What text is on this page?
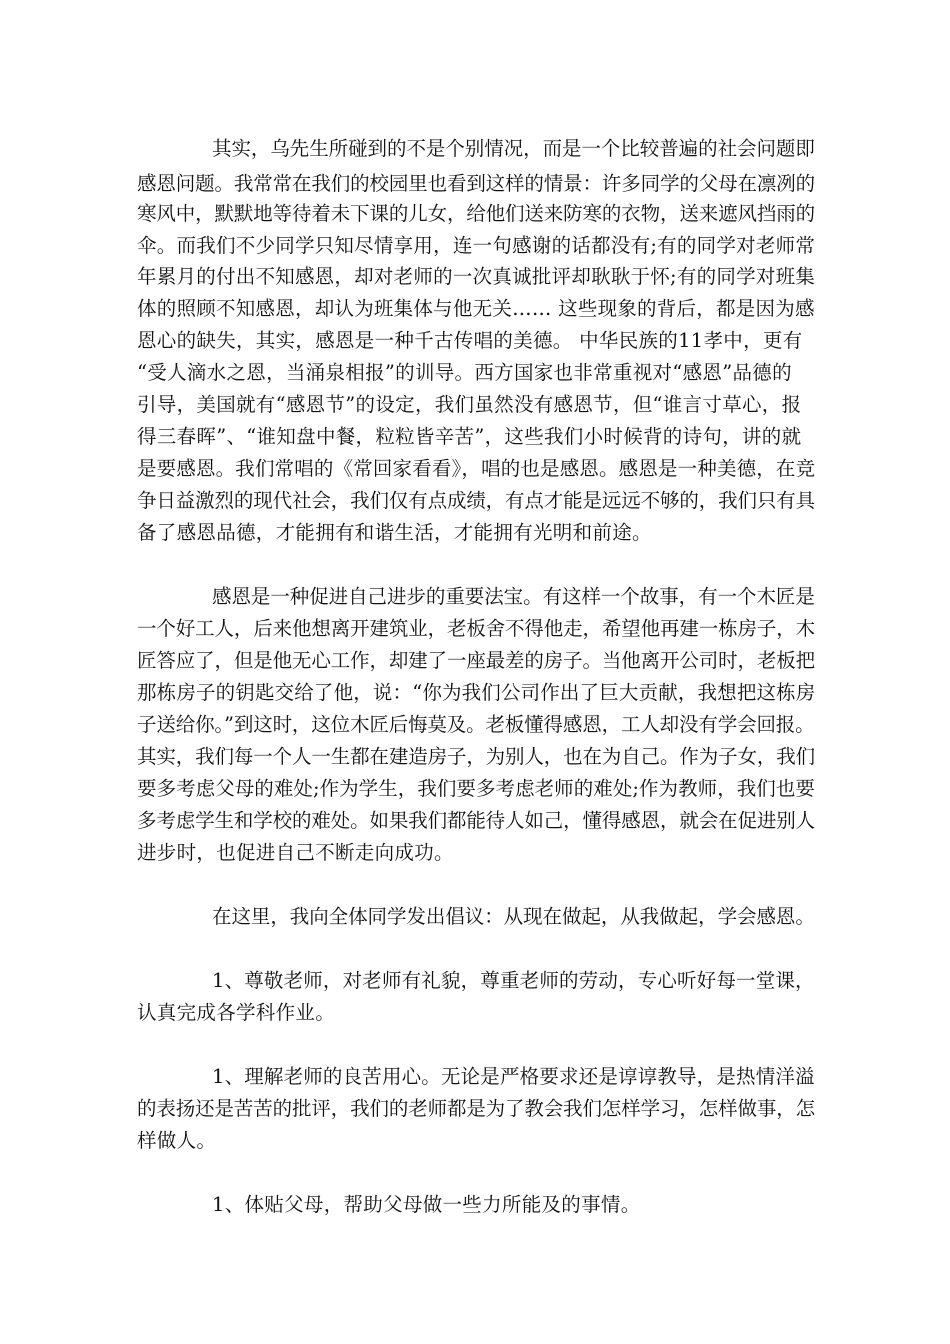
其实，乌先生所碰到的不是个别情况，而是一个比较普遍的社会问题即
感恩问题。我常常在我们的校园里也看到这样的情景：许多同学的父母在凛冽的
寒风中，默默地等待着未下课的儿女，给他们送来防寒的衣物，送来遮风挡雨的
伞。而我们不少同学只知尽情享用，连一句感谢的话都没有;有的同学对老师常
年累月的付出不知感恩，却对老师的一次真诚批评却耿耿于怀;有的同学对班集
体的照顾不知感恩，却认为班集体与他无关…… 这些现象的背后，都是因为感
恩心的缺失，其实，感恩是一种千古传唱的美德。 中华民族的11孝中，更有
“受人滴水之恩，当涌泉相报”的训导。西方国家也非常重视对“感恩”品德的
引导，美国就有“感恩节”的设定，我们虽然没有感恩节，但“谁言寸草心，报
得三春晖”、“谁知盘中餐，粒粒皆辛苦”，这些我们小时候背的诗句，讲的就
是要感恩。我们常唱的《常回家看看》，唱的也是感恩。感恩是一种美德，在竞
争日益激烈的现代社会，我们仅有点成绩，有点才能是远远不够的，我们只有具
备了感恩品德，才能拥有和谐生活，才能拥有光明和前途。
感恩是一种促进自己进步的重要法宝。有这样一个故事，有一个木匠是
一个好工人，后来他想离开建筑业，老板舍不得他走，希望他再建一栋房子，木
匠答应了，但是他无心工作，却建了一座最差的房子。当他离开公司时，老板把
那栋房子的钥匙交给了他，说：“你为我们公司作出了巨大贡献，我想把这栋房
子送给你。”到这时，这位木匠后悔莫及。老板懂得感恩，工人却没有学会回报。
其实，我们每一个人一生都在建造房子，为别人，也在为自己。作为子女，我们
要多考虑父母的难处;作为学生，我们要多考虑老师的难处;作为教师，我们也要
多考虑学生和学校的难处。如果我们都能待人如己，懂得感恩，就会在促进别人
进步时，也促进自己不断走向成功。
在这里，我向全体同学发出倡议：从现在做起，从我做起，学会感恩。
1、尊敬老师，对老师有礼貌，尊重老师的劳动，专心听好每一堂课，
认真完成各学科作业。
1、理解老师的良苦用心。无论是严格要求还是谆谆教导，是热情洋溢
的表扬还是苦苦的批评，我们的老师都是为了教会我们怎样学习，怎样做事，怎
样做人。
1、体贴父母，帮助父母做一些力所能及的事情。
